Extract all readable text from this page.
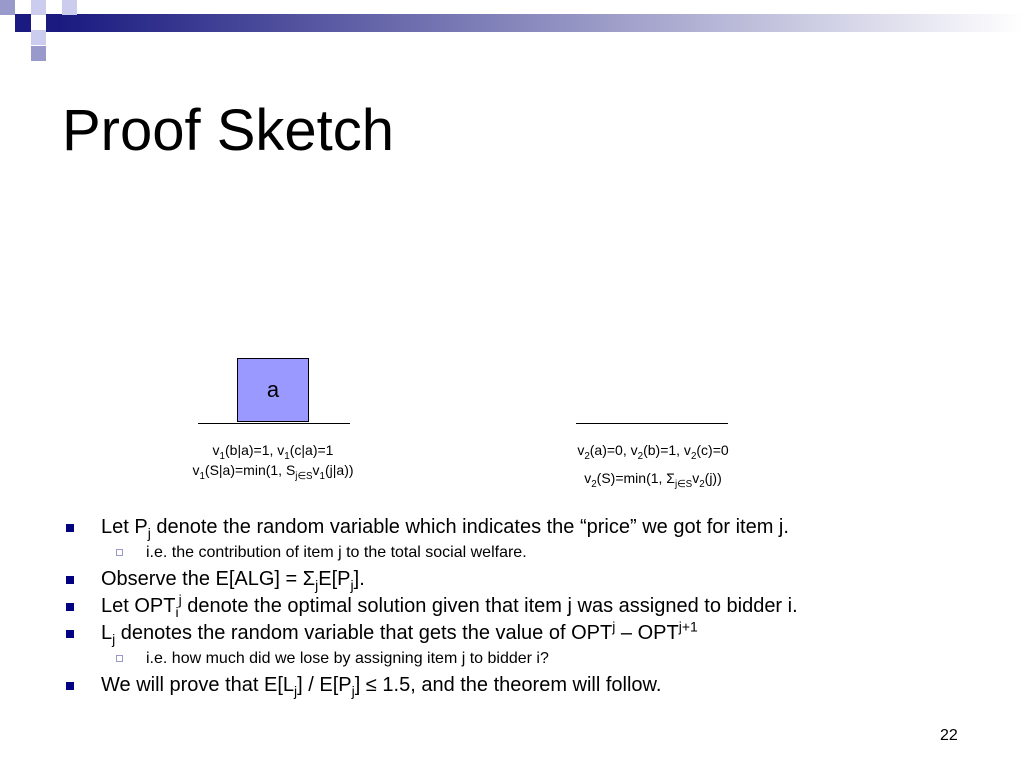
Proof Sketch
a
$v_1(b|a)=1$, $v_1(c|a)=1$
$v_1(S|a)=\min(1$, $S_{j\in S}v_1(j|a)$)
$v_2(a)=0$, $v_2(b)=1$, $v_2(c)=0$
$v_2(S)=\min(1$, $\Sigma_{j\in S}v_2(j)$)
Let $P_j$ denote the random variable which indicates the “price” we got for item j.
i.e. the contribution of item j to the total social welfare.
Observe the $E[ALG] = \Sigma_jE[P_j]$.
Let $OPT_i^j$ denote the optimal solution given that item j was assigned to bidder i.
$L_j$ denotes the random variable that gets the value of $OPT^j - OPT^{j+1}$
i.e. how much did we lose by assigning item j to bidder i?
We will prove that $E[L_j] / E[P_j] \le 1.5$, and the theorem will follow.
22
